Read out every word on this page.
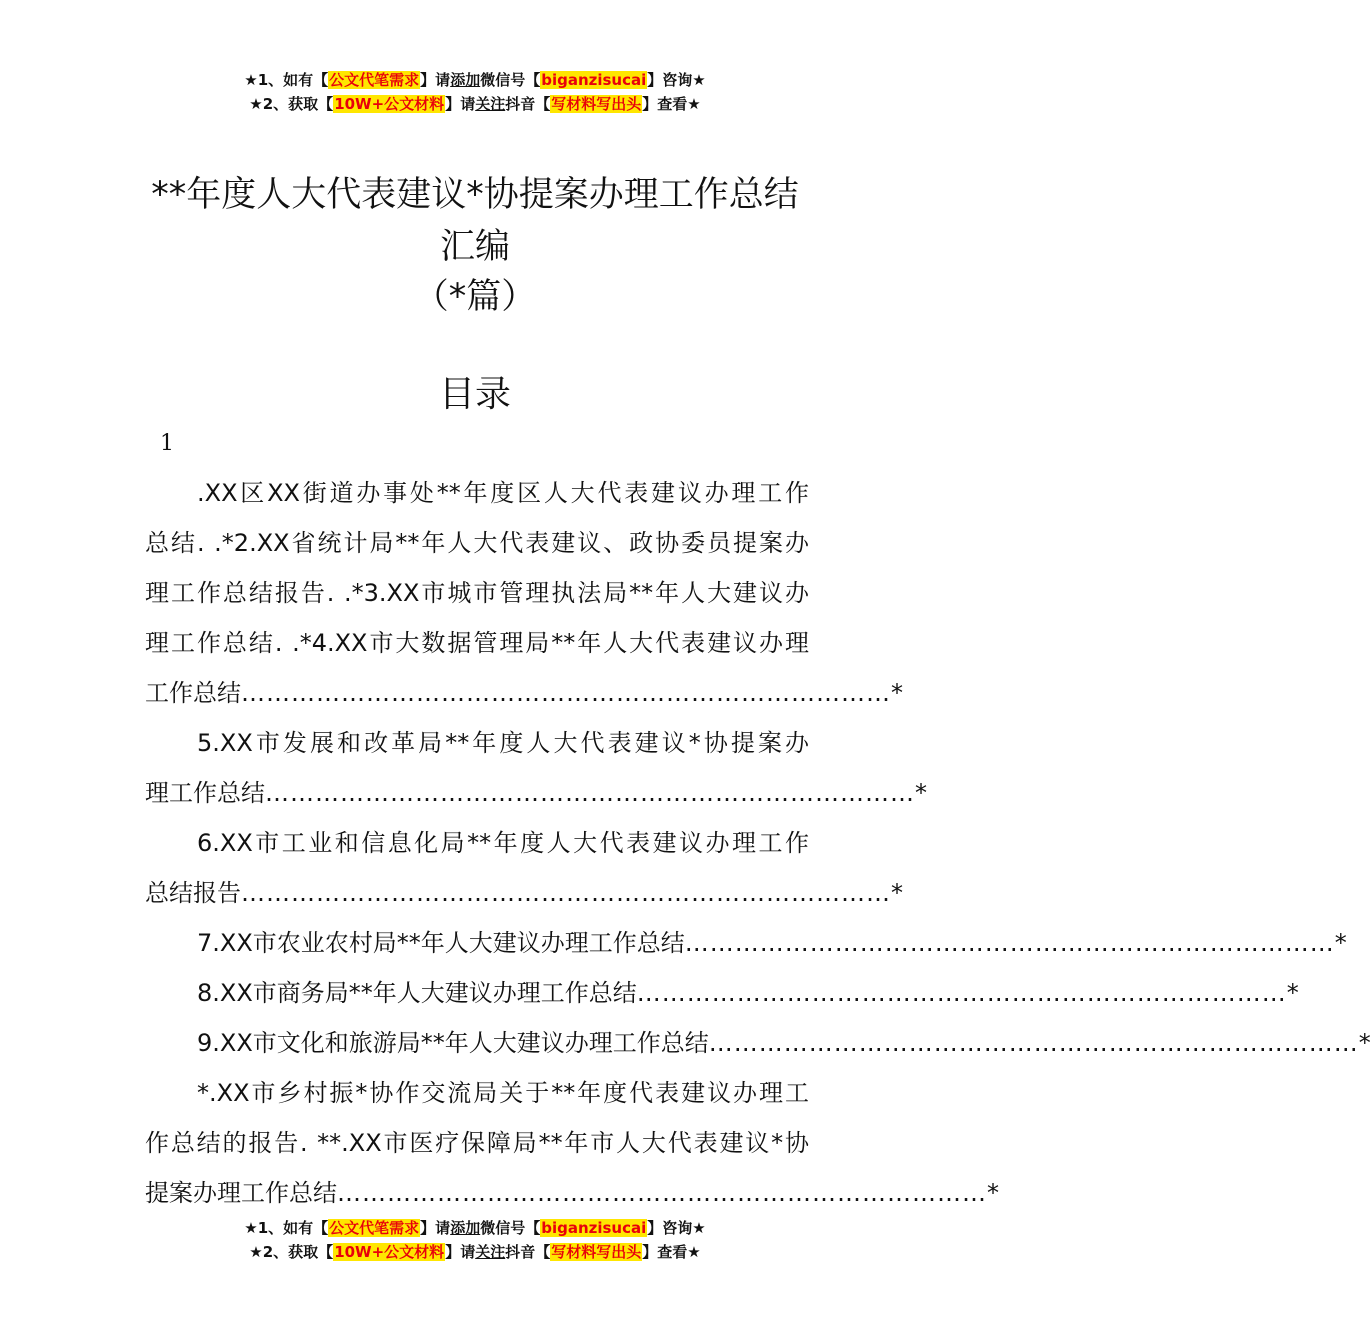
★1、如有【公文代笔需求】请添加微信号【biganzisucai】咨询★
★2、获取【10W+公文材料】请关注抖音【写材料写出头】查看★
**年度人大代表建议*协提案办理工作总结
汇编
（*篇）
目录
1
.XX区XX街道办事处**年度区人大代表建议办理工作
总结. .*2.XX省统计局**年人大代表建议、政协委员提案办
理工作总结报告. .*3.XX市城市管理执法局**年人大建议办
理工作总结. .*4.XX市大数据管理局**年人大代表建议办理
工作总结 …………………………………………………………………… *
5.XX市发展和改革局**年度人大代表建议*协提案办
理工作总结 …………………………………………………………………… *
6.XX市工业和信息化局**年度人大代表建议办理工作
总结报告 …………………………………………………………………… *
7.XX市农业农村局**年人大建议办理工作总结 …………………………………………………………………… *
8.XX市商务局**年人大建议办理工作总结 …………………………………………………………………… *
9.XX市文化和旅游局**年人大建议办理工作总结 …………………………………………………………………… *
*.XX市乡村振*协作交流局关于**年度代表建议办理工
作总结的报告. **.XX市医疗保障局**年市人大代表建议*协
提案办理工作总结 …………………………………………………………………… *
★1、如有【公文代笔需求】请添加微信号【biganzisucai】咨询★
★2、获取【10W+公文材料】请关注抖音【写材料写出头】查看★
